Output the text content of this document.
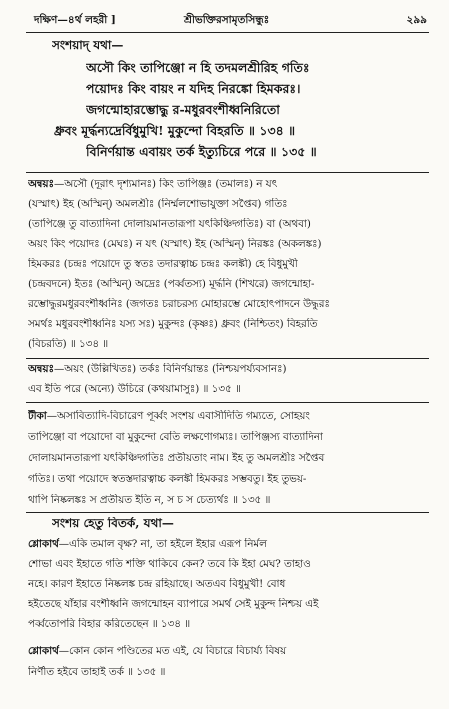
দক্ষিণ—৪র্থ লহরী ]	শ্রীভক্তিরসামৃতসিন্ধুঃ	২৯৯
সংশয়াদ্ যথা—
অসৌ কিং তাপিঞ্জো ন হি তদমলশ্রীরিহ গতিঃ
পয়োদঃ কিং বায়ং ন যদিহ নিরঙ্কো হিমকরঃ।
জগন্মোহারম্ভোদ্ধু র-মধুরবংশীধ্বনিরিতো
ধ্রুবং মূর্দ্ধন্যদ্রের্বিধুমুখি! মুকুন্দো বিহরতি ॥ ১৩৪ ॥
বিনির্ণয়ান্ত এবায়ং তর্ক ইত্যুচিরে পরে ॥ ১৩৫ ॥
অন্বয়ঃ—অসৌ (দূরাৎ দৃশ্যমানঃ) কিং তাপিঞ্জঃ (তমালঃ) ন যৎ
(যস্মাৎ) ইহ (অস্মিন্) অমলশ্রীঃ (নির্ম্মলশোভাযুক্তা সপ্তৈব) গতিঃ
(তাপিঞ্জে তু বাত্যাদিনা দোলায়মানতারূপা যৎকিঞ্চিদ্গতিঃ) বা (অথবা)
অয়ং কিং পয়োদঃ (মেঘঃ) ন যৎ (যস্মাৎ) ইহ (অস্মিন্) নিরঙ্কঃ (অকলঙ্কঃ)
হিমকরঃ (চন্দ্রঃ পয়োদে তু স্বতঃ তদারত্বাচ্চ চন্দ্রঃ কলঙ্কী) হে বিধুমুখী
(চন্দ্রবদনে) ইতঃ (অস্মিন্) অদ্রেঃ (পর্ব্বতস্য) মূর্দ্ধনি (শিখরে) জগন্মোহা-
রম্ভোদ্ধুরমধুরবংশীধ্বনিঃ (জগতঃ চরাচরস্য মোহারম্ভে মোহোৎপাদনে উদ্ধুরঃ
সমর্থঃ মধুরবংশীধ্বনিঃ যস্য সঃ) মুকুন্দঃ (কৃষ্ণঃ) ধ্রুবং (নিশ্চিতং) বিহরতি
(বিচরতি) ॥ ১৩৪ ॥
অন্বয়ঃ—অয়ং (উল্লিখিতঃ) তর্কঃ বিনির্ণয়ান্তঃ (নিশ্চয়পর্য্যবসানঃ)
এব ইতি পরে (অন্যে) উচিরে (কথয়ামাসুঃ) ॥ ১৩৫ ॥
টীকা—অসাবিত্যাদি-বিচারেণ পূর্ব্বং সংশয় এবাসীদিতি গম্যতে, সোহয়ং
তাপিঞ্জো বা পয়োদো বা মুকুন্দো বেতি লক্ষণোগম্যঃ। তাপিঞ্জস্য বাত্যাদিনা
দোলায়মানতারূপা যৎকিঞ্চিদ্গতিঃ প্রতীয়তাং নাম। ইহ তু অমলশ্রীঃ সপ্তৈব
গতিঃ। তথা পয়োদে স্বতস্তদারত্বাচ্চ কলঙ্কী হিমকরঃ সম্ভবতু। ইহ তুভয়-
থাপি নিষ্কলঙ্কঃ স প্রতীয়ত ইতি ন, স চ স চেত্যর্থঃ ॥ ১৩৫ ॥
সংশয় হেতু বিতর্ক, যথা—
শ্লোকার্থ—একি তমাল বৃক্ষ? না, তা হইলে ইহার এরূপ নির্মল
শোভা এবং ইহাতে গতি শক্তি থাকিবে কেন? তবে কি ইহা মেঘ? তাহাও
নহে। কারণ ইহাতে নিষ্কলঙ্ক চন্দ্র রহিয়াছে। অতএব বিধুমুখী! বোধ
হইতেছে যাঁহার বংশীধ্বনি জগন্মোহন ব্যাপারে সমর্থ সেই মুকুন্দ নিশ্চয় এই
পর্ব্বতোপরি বিহার করিতেছেন ॥ ১৩৪ ॥
শ্লোকার্থ—কোন কোন পণ্ডিতের মত এই, যে বিচারে বিচার্য্য বিষয়
নির্ণীত হইবে তাহাই তর্ক ॥ ১৩৫ ॥
